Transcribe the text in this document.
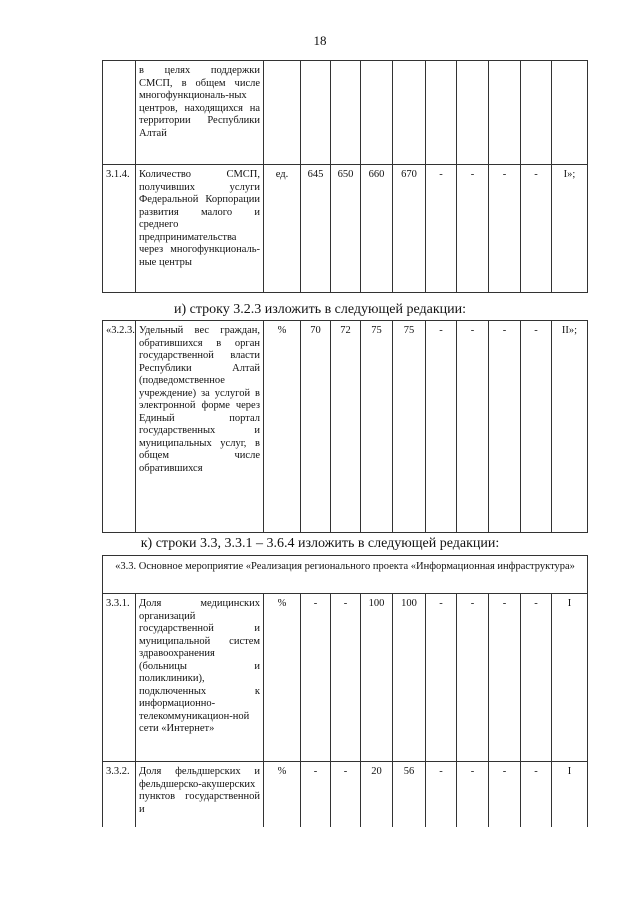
18
	в целях поддержки СМСП, в общем числе многофункциональ-ных центров, находящихся на территории Республики Алтай										
3.1.4.	Количество СМСП, получивших услуги Федеральной Корпорации развития малого и среднего предпринимательства через многофункциональ-ные центры	ед.	645	650	660	670	-	-	-	-	I»;
и) строку 3.2.3 изложить в следующей редакции:
«3.2.3.	Удельный вес граждан, обратившихся в орган государственной власти Республики Алтай (подведомственное учреждение) за услугой в электронной форме через Единый портал государственных и муниципальных услуг, в общем числе обратившихся	%	70	72	75	75	-	-	-	-	II»;
к) строки 3.3, 3.3.1 – 3.6.4 изложить в следующей редакции:
«3.3. Основное мероприятие «Реализация регионального проекта «Информационная инфраструктура»											
3.3.1.	Доля медицинских организаций государственной и муниципальной систем здравоохранения (больницы и поликлиники), подключенных к информационно-телекоммуникацион-ной сети «Интернет»	%	-	-	100	100	-	-	-	-	I
3.3.2.	Доля фельдшерских и фельдшерско-акушерских пунктов государственной и	%	-	-	20	56	-	-	-	-	I
